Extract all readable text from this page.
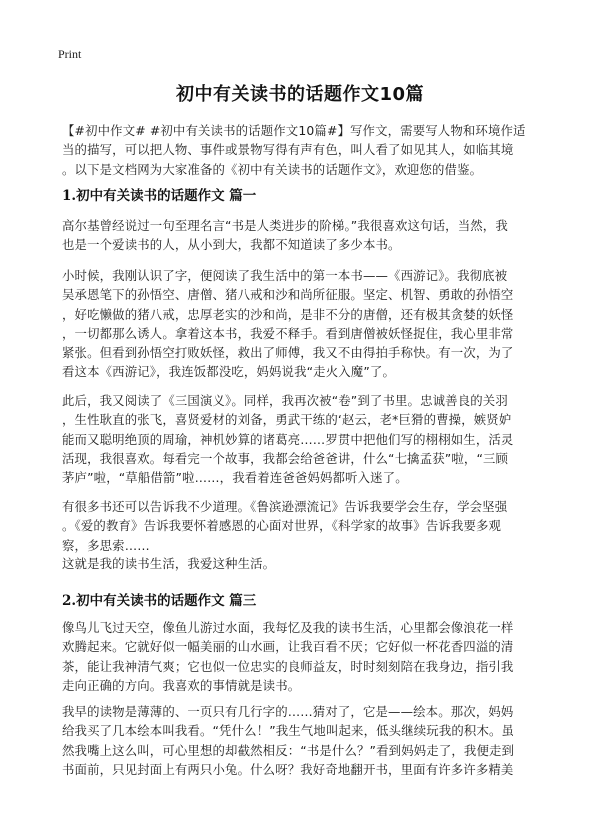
Print
初中有关读书的话题作文10篇
【#初中作文# #初中有关读书的话题作文10篇#】写作文，需要写人物和环境作适
当的描写，可以把人物、事件或景物写得有声有色，叫人看了如见其人，如临其境
。以下是文档网为大家准备的《初中有关读书的话题作文》，欢迎您的借鉴。
1.初中有关读书的话题作文 篇一
高尔基曾经说过一句至理名言“书是人类进步的阶梯。”我很喜欢这句话，当然，我
也是一个爱读书的人，从小到大，我都不知道读了多少本书。
小时候，我刚认识了字，便阅读了我生活中的第一本书——《西游记》。我彻底被
吴承恩笔下的孙悟空、唐僧、猪八戒和沙和尚所征服。坚定、机智、勇敢的孙悟空
，好吃懒做的猪八戒，忠厚老实的沙和尚，是非不分的唐僧，还有极其贪婪的妖怪
，一切都那么诱人。拿着这本书，我爱不释手。看到唐僧被妖怪捉住，我心里非常
紧张。但看到孙悟空打败妖怪，救出了师傅，我又不由得拍手称快。有一次，为了
看这本《西游记》，我连饭都没吃，妈妈说我“走火入魔”了。
此后，我又阅读了《三国演义》。同样，我再次被“卷”到了书里。忠诚善良的关羽
，生性耿直的张飞，喜贤爱材的刘备，勇武干练的‘赵云，老*巨猾的曹操，嫉贤妒
能而又聪明绝顶的周瑜，神机妙算的诸葛亮……罗贯中把他们写的栩栩如生，活灵
活现，我很喜欢。每看完一个故事，我都会给爸爸讲，什么“七擒孟获”啦，“三顾
茅庐”啦，“草船借箭”啦……，我看着连爸爸妈妈都听入迷了。
有很多书还可以告诉我不少道理。《鲁滨逊漂流记》告诉我要学会生存，学会坚强
。《爱的教育》告诉我要怀着感恩的心面对世界，《科学家的故事》告诉我要多观
察，多思索……
这就是我的读书生活，我爱这种生活。
2.初中有关读书的话题作文 篇三
像鸟儿飞过天空，像鱼儿游过水面，我每忆及我的读书生活，心里都会像浪花一样
欢腾起来。它就好似一幅美丽的山水画，让我百看不厌；它好似一杯花香四溢的清
茶，能让我神清气爽；它也似一位忠实的良师益友，时时刻刻陪在我身边，指引我
走向正确的方向。我喜欢的事情就是读书。
我早的读物是薄薄的、一页只有几行字的……猜对了，它是——绘本。那次，妈妈
给我买了几本绘本叫我看。“凭什么！”我生气地叫起来，低头继续玩我的积木。虽
然我嘴上这么叫，可心里想的却截然相反：“书是什么？”看到妈妈走了，我便走到
书面前，只见封面上有两只小兔。什么呀？我好奇地翻开书，里面有许多许多精美
